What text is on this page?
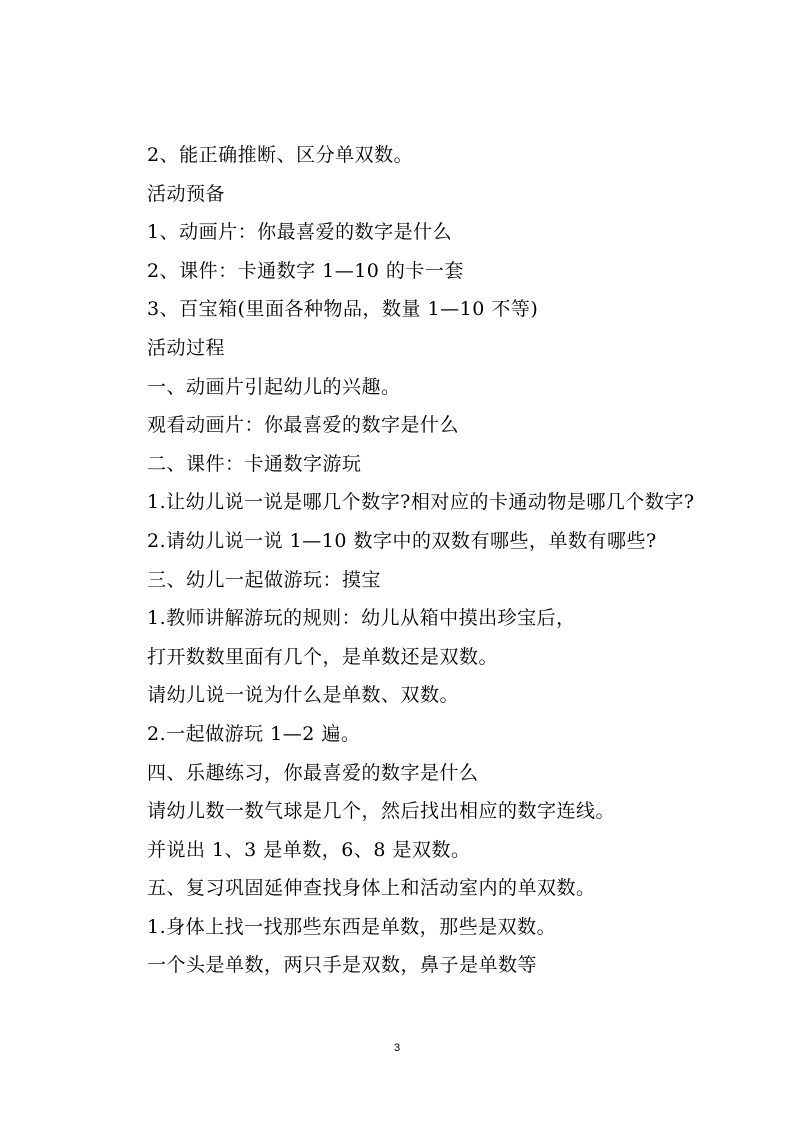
2、能正确推断、区分单双数。

活动预备

1、动画片：你最喜爱的数字是什么

2、课件：卡通数字 1—10 的卡一套

3、百宝箱(里面各种物品，数量 1—10 不等)

活动过程

一、动画片引起幼儿的兴趣。

观看动画片：你最喜爱的数字是什么

二、课件：卡通数字游玩

1.让幼儿说一说是哪几个数字?相对应的卡通动物是哪几个数字?

2.请幼儿说一说 1—10 数字中的双数有哪些，单数有哪些?

三、幼儿一起做游玩：摸宝

1.教师讲解游玩的规则：幼儿从箱中摸出珍宝后，

打开数数里面有几个，是单数还是双数。

请幼儿说一说为什么是单数、双数。

2.一起做游玩 1—2 遍。

四、乐趣练习，你最喜爱的数字是什么

请幼儿数一数气球是几个，然后找出相应的数字连线。

并说出 1、3 是单数，6、8 是双数。

五、复习巩固延伸查找身体上和活动室内的单双数。

1.身体上找一找那些东西是单数，那些是双数。

一个头是单数，两只手是双数，鼻子是单数等

3
